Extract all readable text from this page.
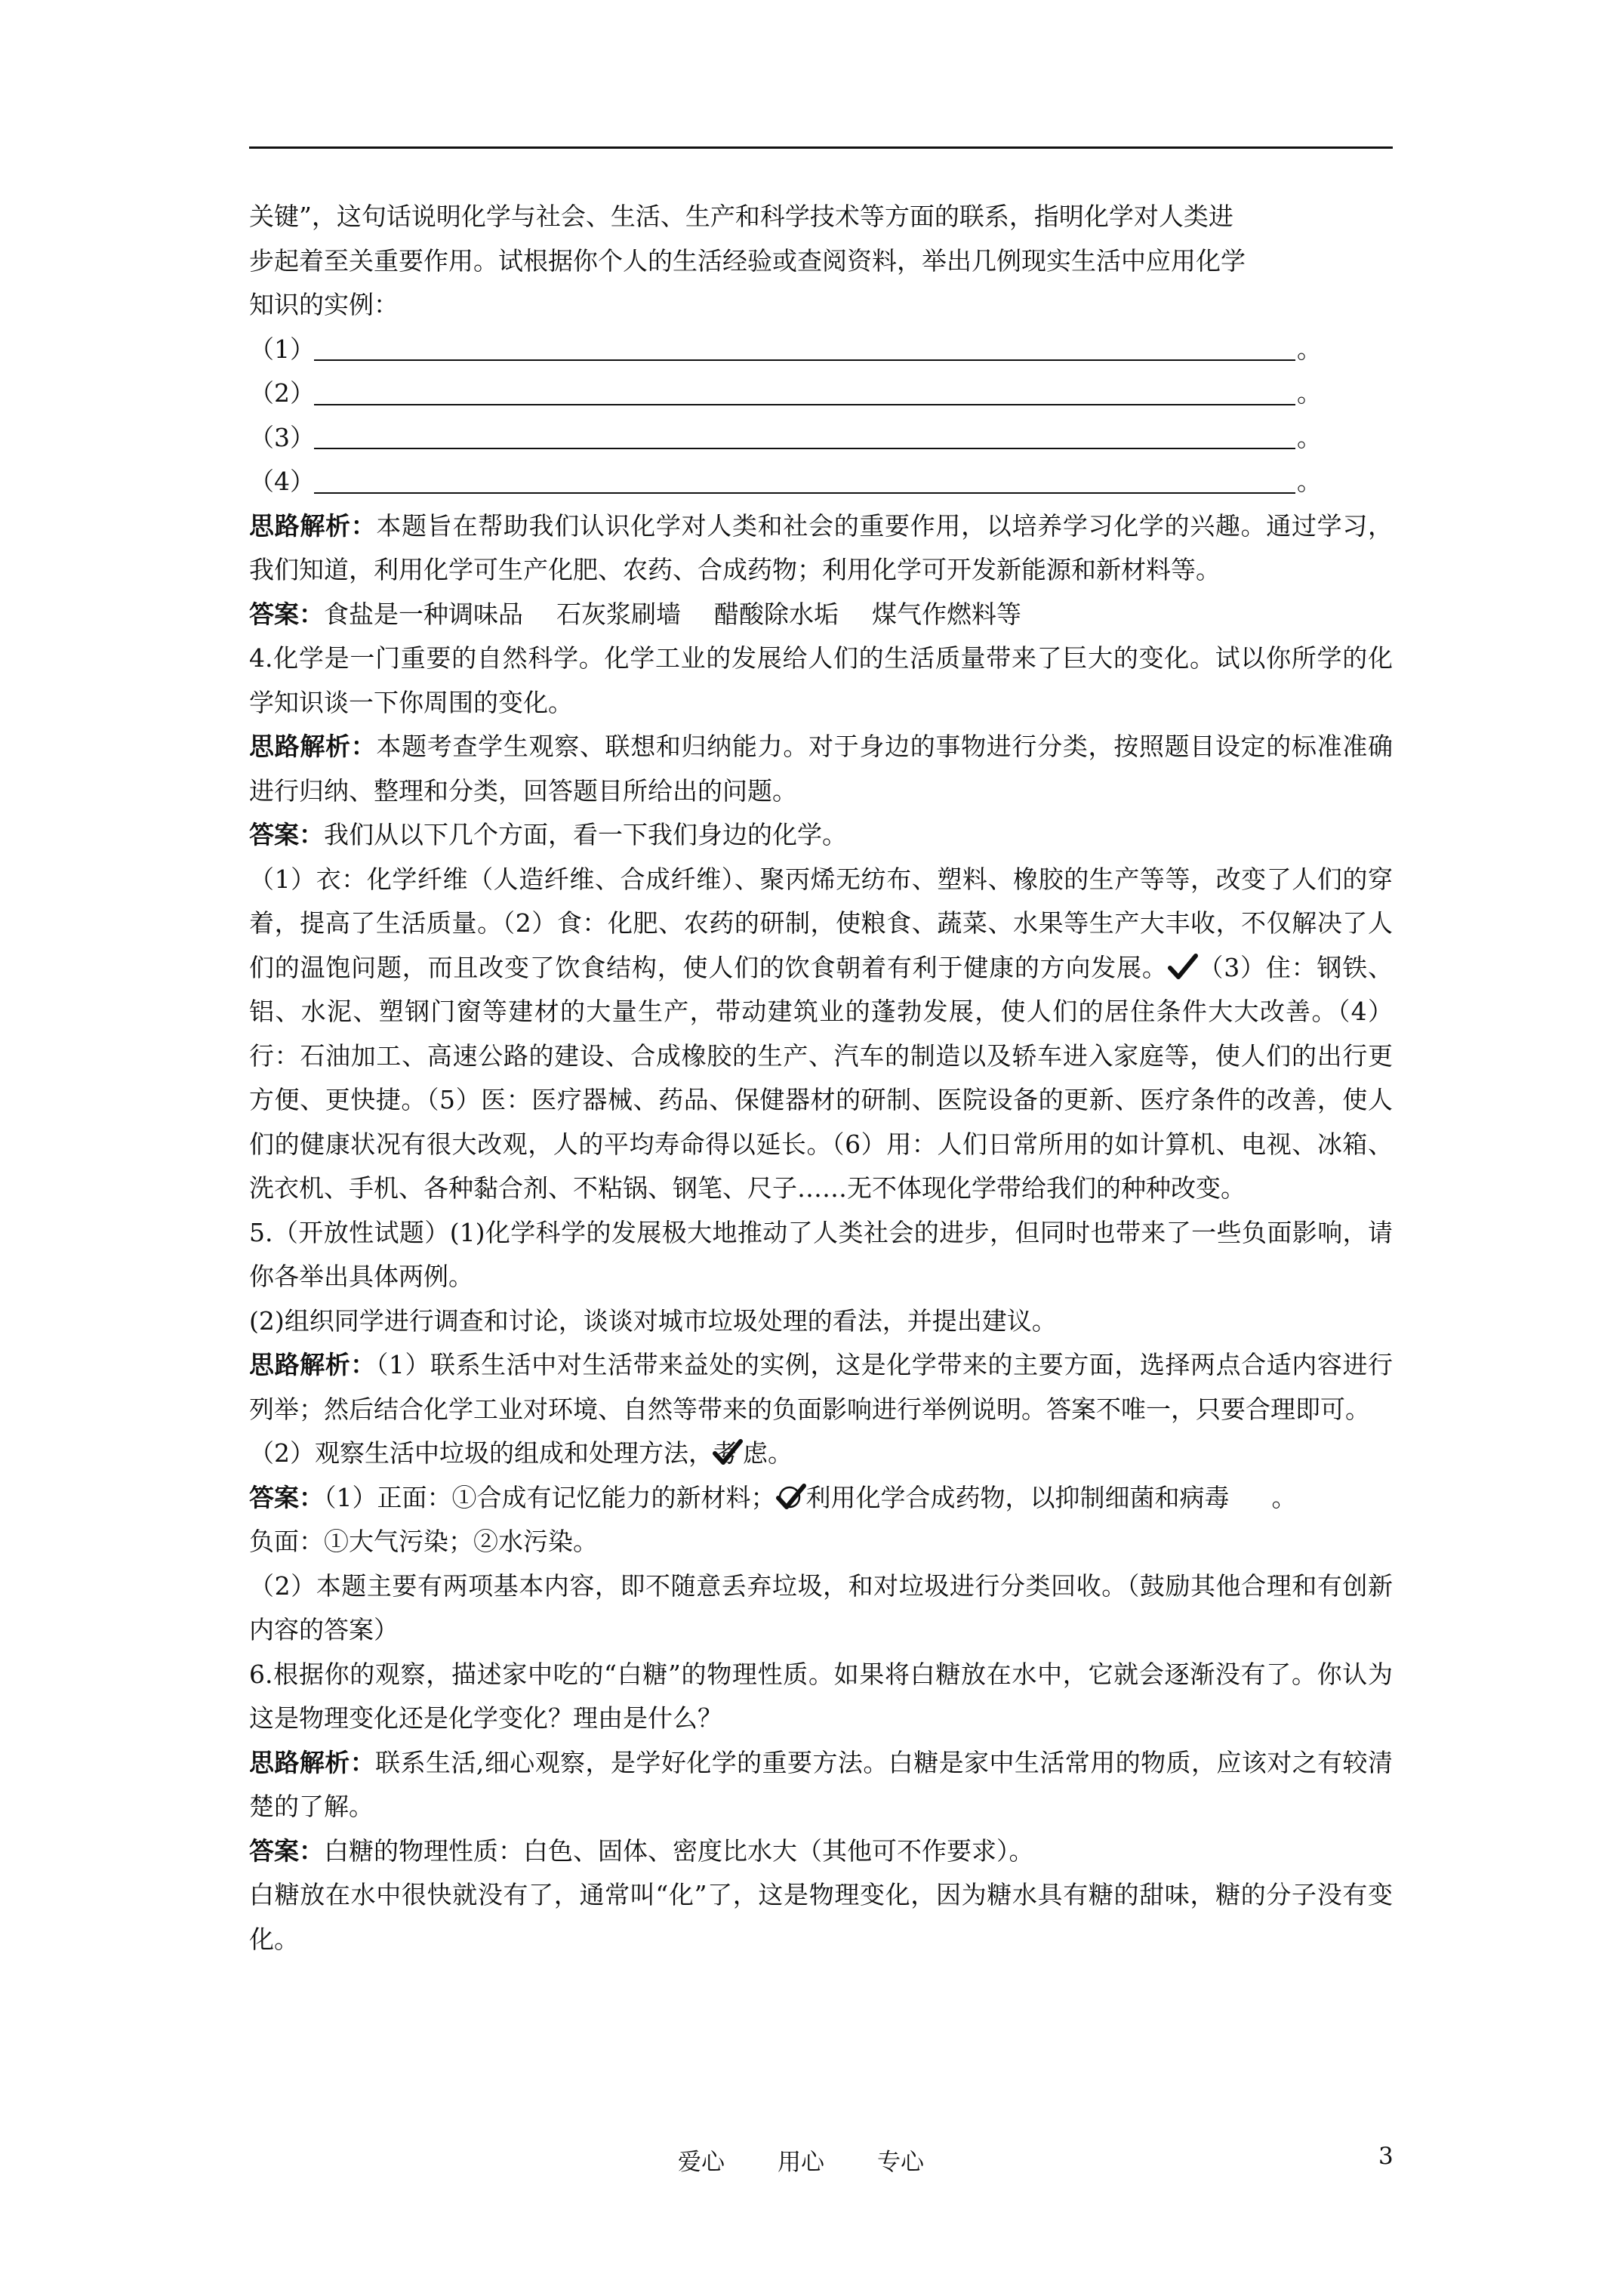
关键”，这句话说明化学与社会、生活、生产和科学技术等方面的联系，指明化学对人类进

步起着至关重要作用。试根据你个人的生活经验或查阅资料，举出几例现实生活中应用化学

知识的实例：

（1）	。
（2）	。
（3）	。
（4）	。

思路解析：本题旨在帮助我们认识化学对人类和社会的重要作用，以培养学习化学的兴趣。通过学习，我们知道，利用化学可生产化肥、农药、合成药物；利用化学可开发新能源和新材料等。

答案：食盐是一种调味品 石灰浆刷墙 醋酸除水垢 煤气作燃料等

4.化学是一门重要的自然科学。化学工业的发展给人们的生活质量带来了巨大的变化。试以你所学的化学知识谈一下你周围的变化。

思路解析：本题考查学生观察、联想和归纳能力。对于身边的事物进行分类，按照题目设定的标准准确进行归纳、整理和分类，回答题目所给出的问题。

答案：我们从以下几个方面，看一下我们身边的化学。

（1）衣：化学纤维（人造纤维、合成纤维）、聚丙烯无纺布、塑料、橡胶的生产等等，改变了人们的穿着，提高了生活质量。（2）食：化肥、农药的研制，使粮食、蔬菜、水果等生产大丰收，不仅解决了人们的温饱问题，而且改变了饮食结构，使人们的饮食朝着有利于健康的方向发展。 （3）住：钢铁、铝、水泥、塑钢门窗等建材的大量生产，带动建筑业的蓬勃发展，使人们的居住条件大大改善。（4）行：石油加工、高速公路的建设、合成橡胶的生产、汽车的制造以及轿车进入家庭等，使人们的出行更方便、更快捷。（5）医：医疗器械、药品、保健器材的研制、医院设备的更新、医疗条件的改善，使人们的健康状况有很大改观，人的平均寿命得以延长。（6）用：人们日常所用的如计算机、电视、冰箱、洗衣机、手机、各种黏合剂、不粘锅、钢笔、尺子……无不体现化学带给我们的种种改变。

5.（开放性试题）(1)化学科学的发展极大地推动了人类社会的进步，但同时也带来了一些负面影响，请你各举出具体两例。

(2)组织同学进行调查和讨论，谈谈对城市垃圾处理的看法，并提出建议。

思路解析：（1）联系生活中对生活带来益处的实例，这是化学带来的主要方面，选择两点合适内容进行列举；然后结合化学工业对环境、自然等带来的负面影响进行举例说明。答案不唯一，只要合理即可。

（2）观察生活中垃圾的组成和处理方法，考 虑。

答案：（1）正面：①合成有记忆能力的新材料； 利用化学合成药物，以抑制细菌和病毒 。

负面：①大气污染；②水污染。

（2）本题主要有两项基本内容，即不随意丢弃垃圾，和对垃圾进行分类回收。（鼓励其他合理和有创新内容的答案）

6.根据你的观察，描述家中吃的“白糖”的物理性质。如果将白糖放在水中，它就会逐渐没有了。你认为这是物理变化还是化学变化？理由是什么？

思路解析：联系生活,细心观察，是学好化学的重要方法。白糖是家中生活常用的物质，应该对之有较清楚的了解。

答案：白糖的物理性质：白色、固体、密度比水大（其他可不作要求）。

白糖放在水中很快就没有了，通常叫“化”了，这是物理变化，因为糖水具有糖的甜味，糖的分子没有变化。

爱心 用心 专心	3
